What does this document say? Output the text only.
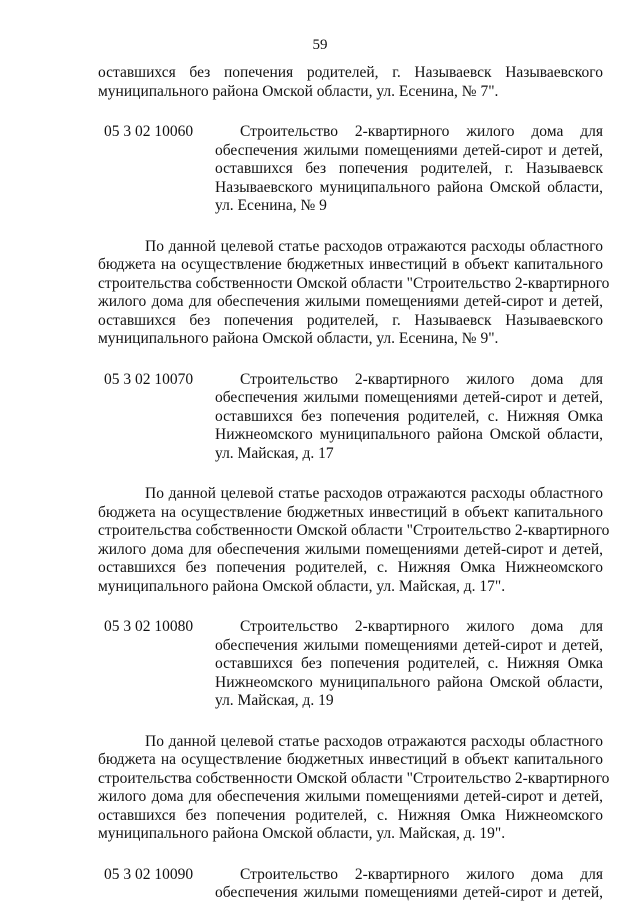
59
оставшихся без попечения родителей, г. Называевск Называевского
муниципального района Омской области, ул. Есенина, № 7".
05 3 02 10060	Строительство 2-квартирного жилого дома для
обеспечения жилыми помещениями детей-сирот и детей,
оставшихся без попечения родителей, г. Называевск
Называевского муниципального района Омской области,
ул. Есенина, № 9
По данной целевой статье расходов отражаются расходы областного
бюджета на осуществление бюджетных инвестиций в объект капитального
строительства собственности Омской области "Строительство 2-квартирного
жилого дома для обеспечения жилыми помещениями детей-сирот и детей,
оставшихся без попечения родителей, г. Называевск Называевского
муниципального района Омской области, ул. Есенина, № 9".
05 3 02 10070	Строительство 2-квартирного жилого дома для
обеспечения жилыми помещениями детей-сирот и детей,
оставшихся без попечения родителей, с. Нижняя Омка
Нижнеомского муниципального района Омской области,
ул. Майская, д. 17
По данной целевой статье расходов отражаются расходы областного
бюджета на осуществление бюджетных инвестиций в объект капитального
строительства собственности Омской области "Строительство 2-квартирного
жилого дома для обеспечения жилыми помещениями детей-сирот и детей,
оставшихся без попечения родителей, с. Нижняя Омка Нижнеомского
муниципального района Омской области, ул. Майская, д. 17".
05 3 02 10080	Строительство 2-квартирного жилого дома для
обеспечения жилыми помещениями детей-сирот и детей,
оставшихся без попечения родителей, с. Нижняя Омка
Нижнеомского муниципального района Омской области,
ул. Майская, д. 19
По данной целевой статье расходов отражаются расходы областного
бюджета на осуществление бюджетных инвестиций в объект капитального
строительства собственности Омской области "Строительство 2-квартирного
жилого дома для обеспечения жилыми помещениями детей-сирот и детей,
оставшихся без попечения родителей, с. Нижняя Омка Нижнеомского
муниципального района Омской области, ул. Майская, д. 19".
05 3 02 10090	Строительство 2-квартирного жилого дома для
обеспечения жилыми помещениями детей-сирот и детей,
